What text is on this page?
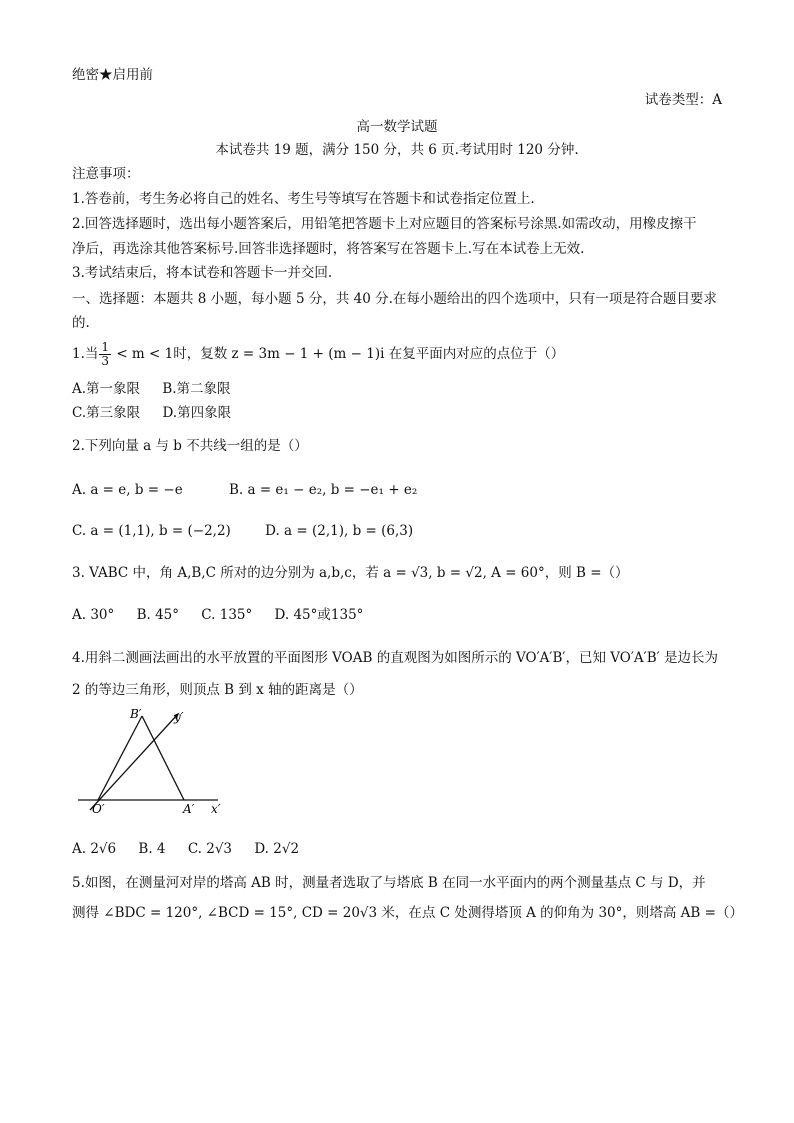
绝密★启用前
试卷类型：A
高一数学试题
本试卷共 19 题，满分 150 分，共 6 页.考试用时 120 分钟.
注意事项：
1.答卷前，考生务必将自己的姓名、考生号等填写在答题卡和试卷指定位置上.
2.回答选择题时，选出每小题答案后，用铅笔把答题卡上对应题目的答案标号涂黑.如需改动，用橡皮擦干
净后，再选涂其他答案标号.回答非选择题时，将答案写在答题卡上.写在本试卷上无效.
3.考试结束后，将本试卷和答题卡一并交回.
一、选择题：本题共 8 小题，每小题 5 分，共 40 分.在每小题给出的四个选项中，只有一项是符合题目要求
的.
1.当 $\frac{1}{3} < m < 1$时，复数 z = 3m − 1 + (m − 1)i 在复平面内对应的点位于（）
A.第一象限 B.第二象限
C.第三象限 D.第四象限
2.下列向量 a 与 b 不共线一组的是（）
A. a = e, b = −e	B. a = e₁ − e₂, b = −e₁ + e₂
C. a = (1,1), b = (−2,2)	D. a = (2,1), b = (6,3)
3. VABC 中，角 A,B,C 所对的边分别为 a,b,c，若 a = √3, b = √2, A = 60°，则 B =（）
A. 30° B. 45° C. 135° D. 45°或135°
4.用斜二测画法画出的水平放置的平面图形 VOAB 的直观图为如图所示的 VO′A′B′，已知 VO′A′B′ 是边长为
2 的等边三角形，则顶点 B 到 x 轴的距离是（）
B′	y′
O′	A′ x′
A. 2√6 B. 4 C. 2√3 D. 2√2
5.如图，在测量河对岸的塔高 AB 时，测量者选取了与塔底 B 在同一水平面内的两个测量基点 C 与 D，并
测得 ∠BDC = 120°, ∠BCD = 15°, CD = 20√3 米，在点 C 处测得塔顶 A 的仰角为 30°，则塔高 AB =（）
